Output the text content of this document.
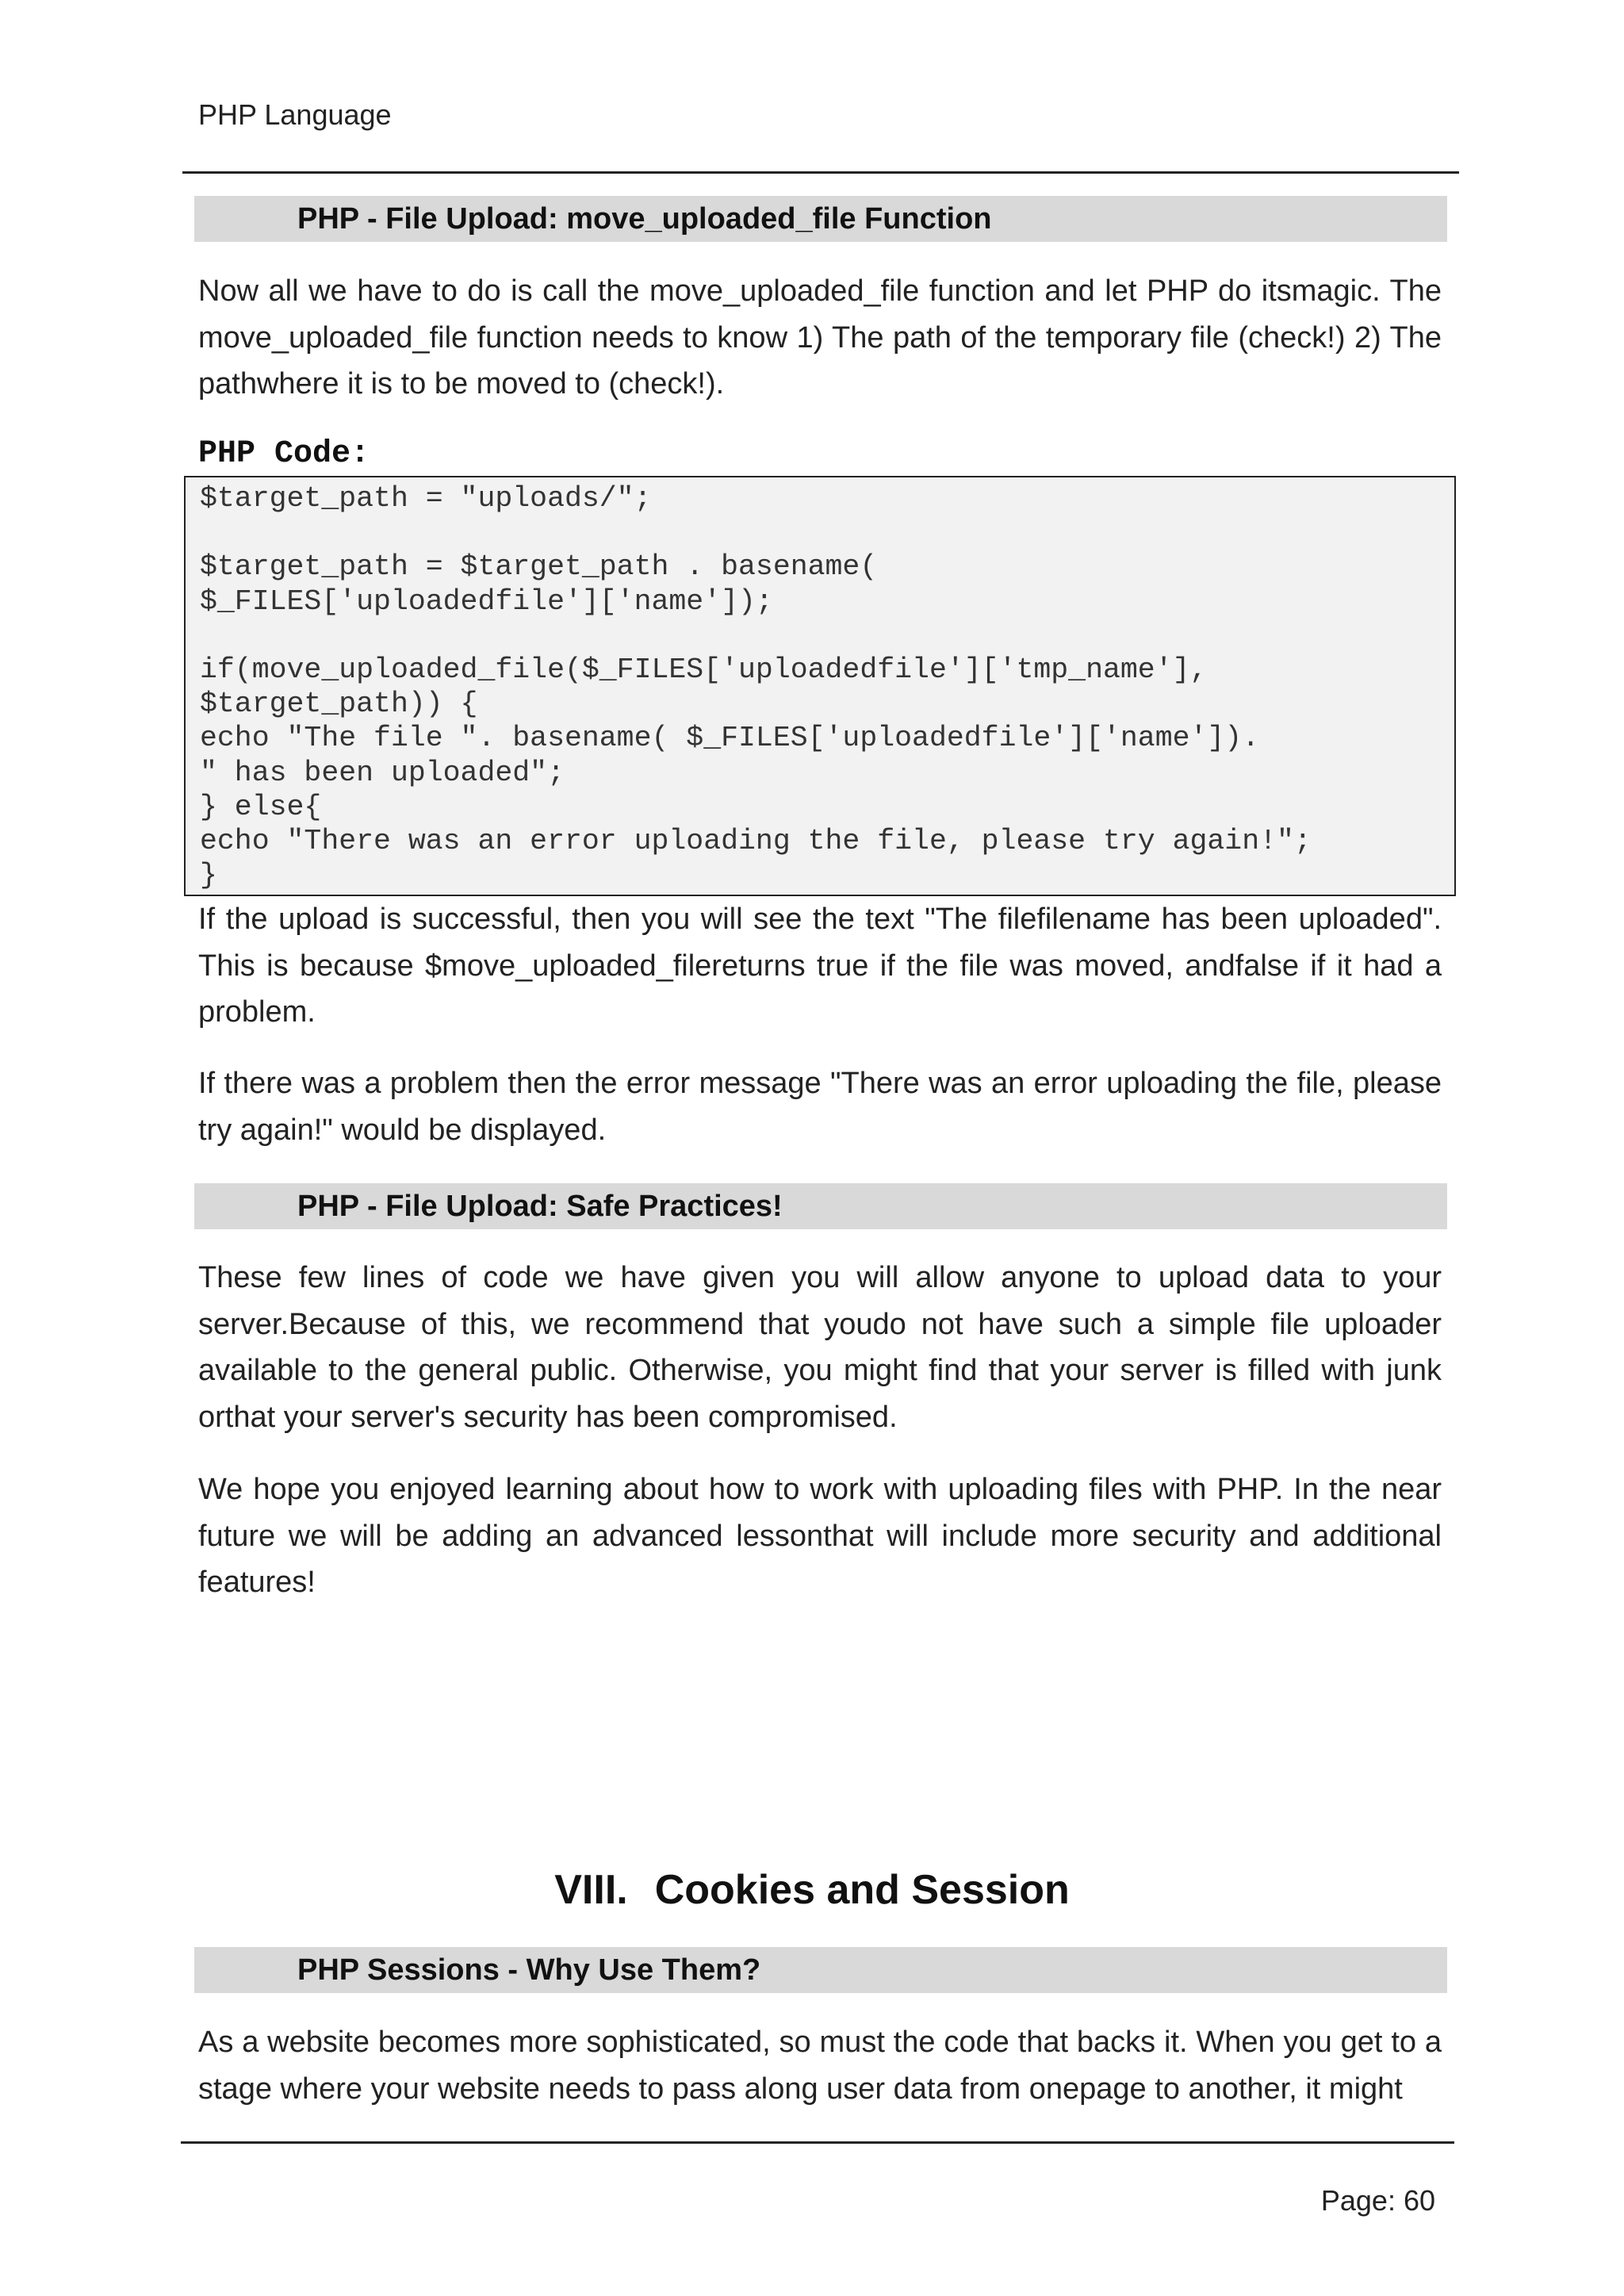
PHP Language
PHP - File Upload: move_uploaded_file Function
Now all we have to do is call the move_uploaded_file function and let PHP do itsmagic. The move_uploaded_file function needs to know 1) The path of the temporary file (check!) 2) The pathwhere it is to be moved to (check!).
PHP Code:
$target_path = "uploads/";
$target_path = $target_path . basename(
$_FILES['uploadedfile']['name']);
if(move_uploaded_file($_FILES['uploadedfile']['tmp_name'],
$target_path)) {
echo "The file ". basename( $_FILES['uploadedfile']['name']).
" has been uploaded";
} else{
echo "There was an error uploading the file, please try again!";
}
If the upload is successful, then you will see the text "The filefilename has been uploaded". This is because $move_uploaded_filereturns true if the file was moved, andfalse if it had a problem.
If there was a problem then the error message "There was an error uploading the file, please try again!" would be displayed.
PHP - File Upload: Safe Practices!
These few lines of code we have given you will allow anyone to upload data to your server.Because of this, we recommend that youdo not have such a simple file uploader available to the general public. Otherwise, you might find that your server is filled with junk orthat your server's security has been compromised.
We hope you enjoyed learning about how to work with uploading files with PHP. In the near future we will be adding an advanced lessonthat will include more security and additional features!
VIII. Cookies and Session
PHP Sessions - Why Use Them?
As a website becomes more sophisticated, so must the code that backs it. When you get to a stage where your website needs to pass along user data from onepage to another, it might
Page: 60
